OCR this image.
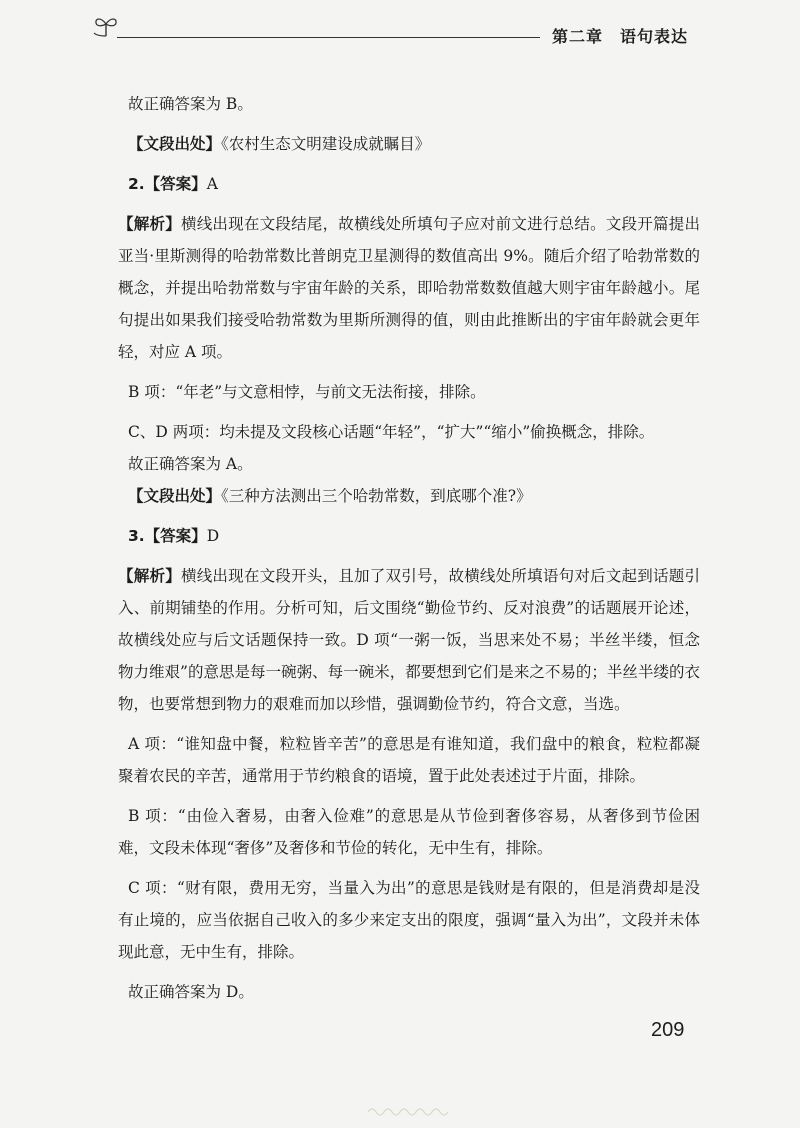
第二章　语句表达

故正确答案为 B。

【文段出处】《农村生态文明建设成就瞩目》

2.【答案】A

【解析】横线出现在文段结尾，故横线处所填句子应对前文进行总结。文段开篇提出亚当·里斯测得的哈勃常数比普朗克卫星测得的数值高出 9%。随后介绍了哈勃常数的概念，并提出哈勃常数与宇宙年龄的关系，即哈勃常数数值越大则宇宙年龄越小。尾句提出如果我们接受哈勃常数为里斯所测得的值，则由此推断出的宇宙年龄就会更年轻，对应 A 项。

B 项：“年老”与文意相悖，与前文无法衔接，排除。

C、D 两项：均未提及文段核心话题“年轻”，“扩大”“缩小”偷换概念，排除。

故正确答案为 A。

【文段出处】《三种方法测出三个哈勃常数，到底哪个准?》

3.【答案】D

【解析】横线出现在文段开头，且加了双引号，故横线处所填语句对后文起到话题引入、前期铺垫的作用。分析可知，后文围绕“勤俭节约、反对浪费”的话题展开论述，故横线处应与后文话题保持一致。D 项“一粥一饭，当思来处不易；半丝半缕，恒念物力维艰”的意思是每一碗粥、每一碗米，都要想到它们是来之不易的；半丝半缕的衣物，也要常想到物力的艰难而加以珍惜，强调勤俭节约，符合文意，当选。

A 项：“谁知盘中餐，粒粒皆辛苦”的意思是有谁知道，我们盘中的粮食，粒粒都凝聚着农民的辛苦，通常用于节约粮食的语境，置于此处表述过于片面，排除。

B 项：“由俭入奢易，由奢入俭难”的意思是从节俭到奢侈容易，从奢侈到节俭困难，文段未体现“奢侈”及奢侈和节俭的转化，无中生有，排除。

C 项：“财有限，费用无穷，当量入为出”的意思是钱财是有限的，但是消费却是没有止境的，应当依据自己收入的多少来定支出的限度，强调“量入为出”，文段并未体现此意，无中生有，排除。

故正确答案为 D。

209
